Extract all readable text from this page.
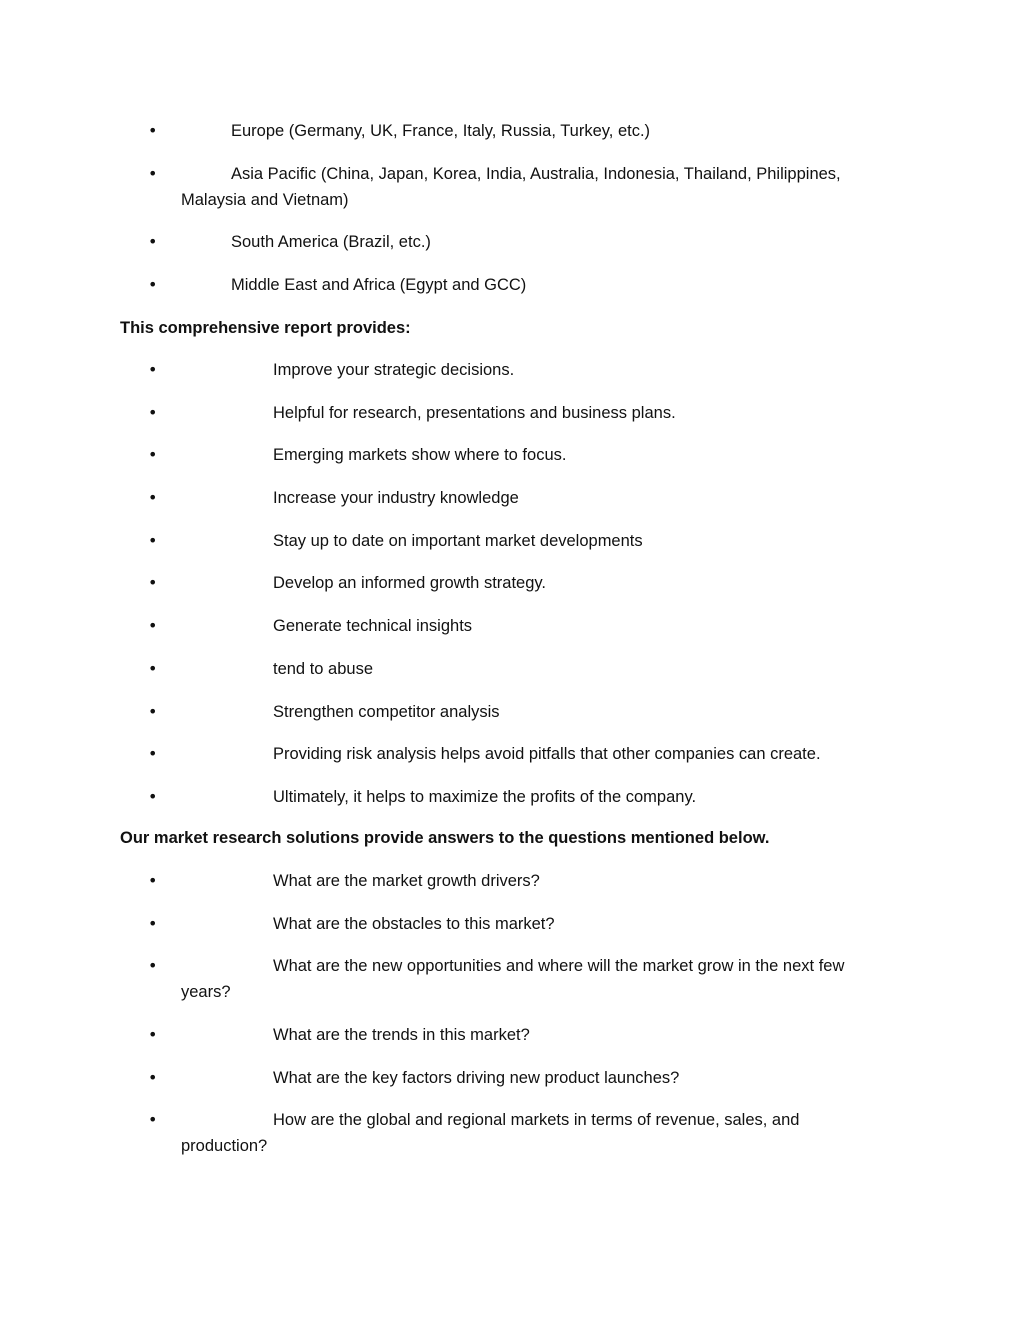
•	Europe (Germany, UK, France, Italy, Russia, Turkey, etc.)
•	Asia Pacific (China, Japan, Korea, India, Australia, Indonesia, Thailand, Philippines, Malaysia and Vietnam)
•	South America (Brazil, etc.)
•	Middle East and Africa (Egypt and GCC)
This comprehensive report provides:
•	Improve your strategic decisions.
•	Helpful for research, presentations and business plans.
•	Emerging markets show where to focus.
•	Increase your industry knowledge
•	Stay up to date on important market developments
•	Develop an informed growth strategy.
•	Generate technical insights
•	tend to abuse
•	Strengthen competitor analysis
•	Providing risk analysis helps avoid pitfalls that other companies can create.
•	Ultimately, it helps to maximize the profits of the company.
Our market research solutions provide answers to the questions mentioned below.
•	What are the market growth drivers?
•	What are the obstacles to this market?
•	What are the new opportunities and where will the market grow in the next few years?
•	What are the trends in this market?
•	What are the key factors driving new product launches?
•	How are the global and regional markets in terms of revenue, sales, and production?
